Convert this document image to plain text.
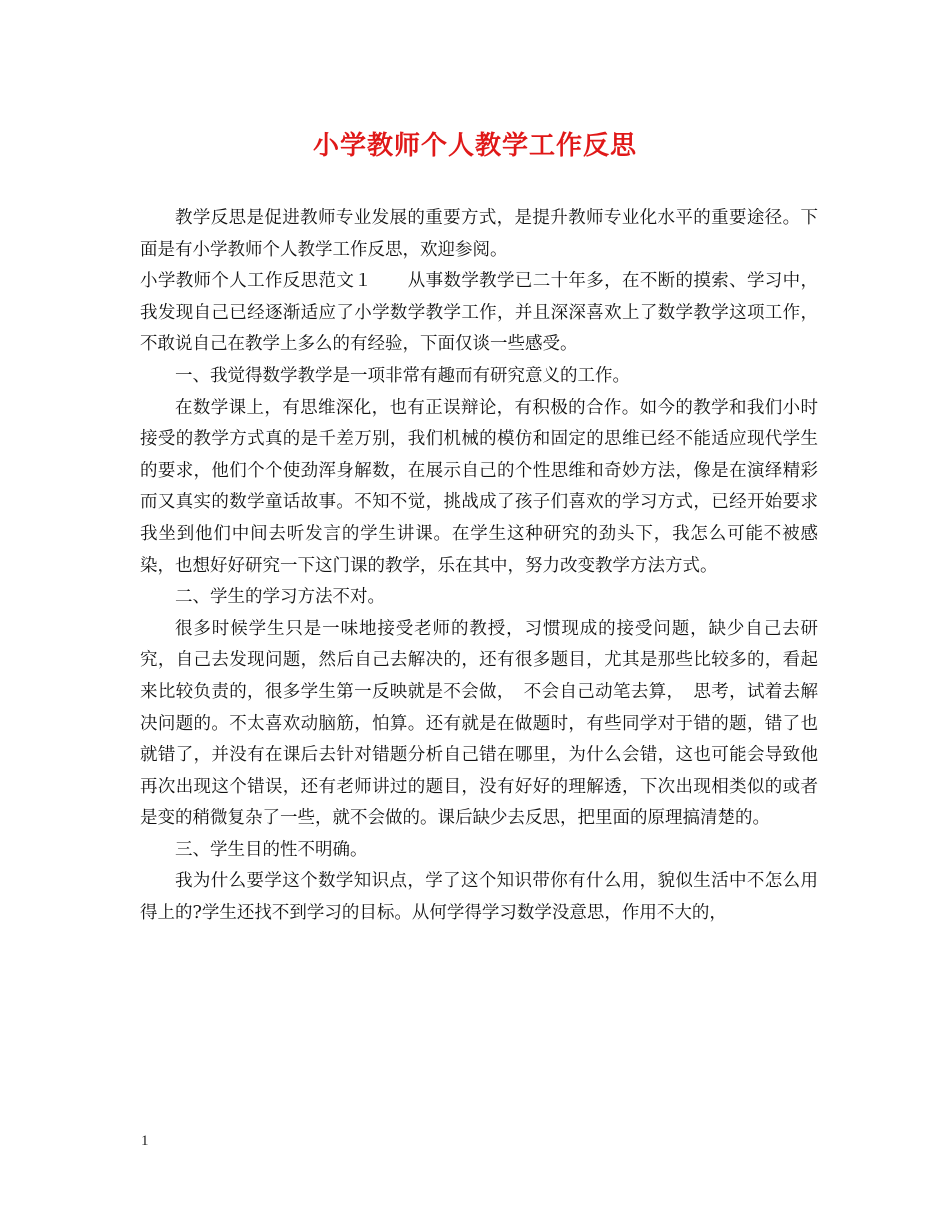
小学教师个人教学工作反思

教学反思是促进教师专业发展的重要方式，是提升教师专业化水平的重要途径。下面是有小学教师个人教学工作反思，欢迎参阅。

小学教师个人工作反思范文１　　从事数学教学已二十年多，在不断的摸索、学习中，我发现自己已经逐渐适应了小学数学教学工作，并且深深喜欢上了数学教学这项工作，不敢说自己在教学上多么的有经验，下面仅谈一些感受。

一、我觉得数学教学是一项非常有趣而有研究意义的工作。

在数学课上，有思维深化，也有正误辩论，有积极的合作。如今的教学和我们小时接受的教学方式真的是千差万别，我们机械的模仿和固定的思维已经不能适应现代学生的要求，他们个个使劲浑身解数，在展示自己的个性思维和奇妙方法，像是在演绎精彩而又真实的数学童话故事。不知不觉，挑战成了孩子们喜欢的学习方式，已经开始要求我坐到他们中间去听发言的学生讲课。在学生这种研究的劲头下，我怎么可能不被感染，也想好好研究一下这门课的教学，乐在其中，努力改变教学方法方式。

二、学生的学习方法不对。

很多时候学生只是一味地接受老师的教授，习惯现成的接受问题，缺少自己去研究，自己去发现问题，然后自己去解决的，还有很多题目，尤其是那些比较多的，看起来比较负责的，很多学生第一反映就是不会做，　不会自己动笔去算，　思考，试着去解决问题的。不太喜欢动脑筋，怕算。还有就是在做题时，有些同学对于错的题，错了也就错了，并没有在课后去针对错题分析自己错在哪里，为什么会错，这也可能会导致他再次出现这个错误，还有老师讲过的题目，没有好好的理解透，下次出现相类似的或者是变的稍微复杂了一些，就不会做的。课后缺少去反思，把里面的原理搞清楚的。

三、学生目的性不明确。

我为什么要学这个数学知识点，学了这个知识带你有什么用，貌似生活中不怎么用得上的?学生还找不到学习的目标。从何学得学习数学没意思，作用不大的，

1
